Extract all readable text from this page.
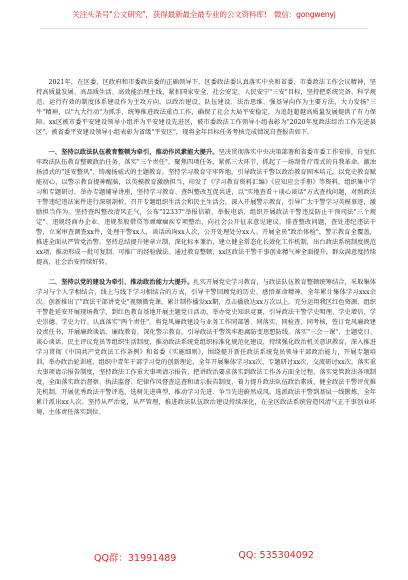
关注头条号"公文研究"，获得最新最全最专业的公文资料库!　微信：gongwenyj

2021年，在区委、区政府和市委政法委的正确领导下，区委政法委认真落实中央和省委、市委政法工作会议精神，坚持高质量发展、高品质生活、高效能治理主线，紧扣国家安全、社会安定、人民安宁"三安"目标，坚持把系统完备、科学规范、运行有效的制度体系建设作为主攻方向，以政治建设、队伍建设、法治思维、强基导向作为主要方法，大力发扬"三牛"精神，以"九大行动"为抓手，统筹推进政法重点工作，确保了社会大局平安稳定，为追赶超越高质量发展提供了有力保障。xx区被市委平安建设领导小组评为平安建设先进区，被市委政法工作领导小组表彰为"2020年度政法综治工作先进县区"，被省委平安建设领导小组表彰为省级"平安区"，现将全年目标任务考核完成情况自查报告如下。

一、坚持以政法队伍教育整顿为牵引，推动作风素能大提升。坚决贯彻落实中央决策部署和省委市委工作安排，自觉扛牢政法队伍教育整顿政治任务，落实"三个责任"，聚焦四项任务，紧抓三大环节，抓起了一场刮骨疗毒式的自我革命。激浊扬清式的"延安整风"、铸魂扬威式的主题教育。坚持学习教育守牢阵地，引导政法干警以政治教育固本培元，以党史教育赋能初心，以警示教育提神醒脑，以英模教育激励担当，印发了《学习教育资料汇编》《应知应会手册》等资料，组织集中学习和专题研讨，举办专题辅导讲座，坚持学习教育、查纠整改互促共进，以"实地查看＋谈心谈话"方式查找问题，对照政法干警违纪违法案件进行深刻剖析，召开专题组织生活会和民主生活会，深入开展警示教育，引导广大干警学习英模事迹，激励担当作为。坚持查纠整改清风正气，公布"12337"举报信箱、举报电话，组织开展政法干警违反防止干预司法"三个规定"、违规经商办企业、违规参股借贷等顽瘴痼疾专项整治，向社会公开征求意见建议，排查整改问题，查处违纪违法干警，立案审查调查xx件，处理干警xx人，谈话函询xx人次，公开处理处分xx人。开展全员"政治体检"，警示教育全覆盖，推进全面从严管党治警。坚持总结提升建章立制，深化标本兼治，建立健全常态化长效化工作机制，出台政法系统制度规范xx项，推动形成一批可复制、可推广的经验做法。通过教育整顿，xx区政法干警干事创业精气神全面提升，群众满意度持续提高，社会治安持续好转。

二、坚持以党的建设为牵引，推动政治能力大提升。扎实开展党史学习教育，与政法队伍教育整顿统筹结合，采取集体学习与个人学相结合、线上与线下学习相结合的方式，引导干警回顾党的历史、感悟革命精神，全年累计集体学习xxx余次。创新推出了"政法干部讲党史"视频微党课，累计制作播发xx期，点击播放达xx万次以上。充分运用我区红色资源，组织干警赴延安开展现场教学，到红色教育基地开展主题党日活动，举办党史知识竞赛，引导政法干警学史明理、学史增信、学史崇德、学史力行。认真落实"两个责任"，将党风廉政建设与业务工作同部署、同落实、同检查、同考核，签订党风廉政建设责任书，开展廉政谈话、廉政教育，深化警示教育，引导政法干警筑牢拒腐防变思想防线。落实"三会一课"、主题党日、谈心谈话、民主评议党员等组织生活制度，推动政法系统党组织标准化规范化建设，持续强化政治机关意识教育，深入推进学习贯彻《中国共产党政法工作条例》和省委《实施细则》，围绕提升新任政法系统党员领导干部政治能力，开展专题培训，举办政治轮训班，组织中青年干部学习党的创新理论，全年开展集体学习xx次、专题研讨xx次、交流研讨xx次。落实重大事项请示报告制度，坚持政法工作重大事项请示报告，把讲政治要求落实到政法工作各方面全过程，落实党管政法各项制度，全面落实政治督察、执法监督、纪律作风督查巡查和请示报告制度，着力提升政法队伍政治素质，健全政法干警评优推先机制，开展优秀政法干警评选，选树先进典型，推动学习先进、争当先进蔚然成风。选派政法干警到基层一线锻炼，全年累计派出xx人次。坚持从严治党，从严管理，推进政法队伍政治建设持续深化，在全区政法系统营造风清气正干事创业环境，主体责任落实到位。

QQ群：31991489	QQ: 535304092
